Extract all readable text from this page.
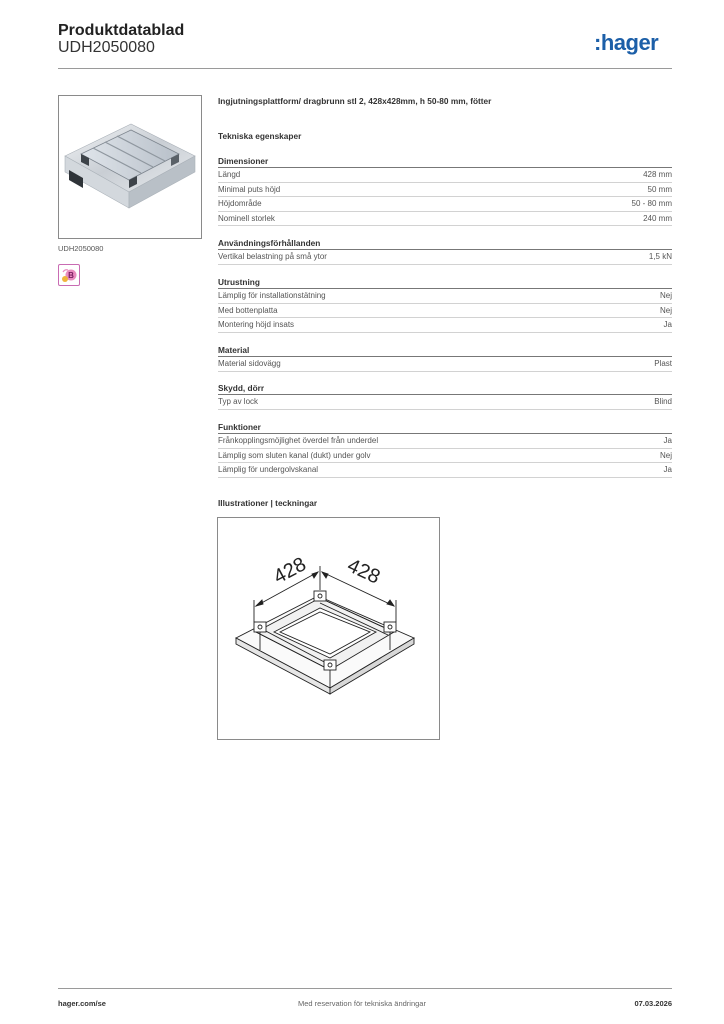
Produktdatablad
UDH2050080	:hager
UDH2050080
B
Ingjutningsplattform/ dragbrunn stl 2, 428x428mm, h 50-80 mm, fötter
Tekniska egenskaper
Dimensioner
Längd	428 mm
Minimal puts höjd	50 mm
Höjdområde	50 - 80 mm
Nominell storlek	240 mm
Användningsförhållanden
Vertikal belastning på små ytor	1,5 kN
Utrustning
Lämplig för installationstätning	Nej
Med bottenplatta	Nej
Montering höjd insats	Ja
Material
Material sidovägg	Plast
Skydd, dörr
Typ av lock	Blind
Funktioner
Frånkopplingsmöjlighet överdel från underdel	Ja
Lämplig som sluten kanal (dukt) under golv	Nej
Lämplig för undergolvskanal	Ja
Illustrationer | teckningar
428 428
hager.com/se	Med reservation för tekniska ändringar	07.03.2026
